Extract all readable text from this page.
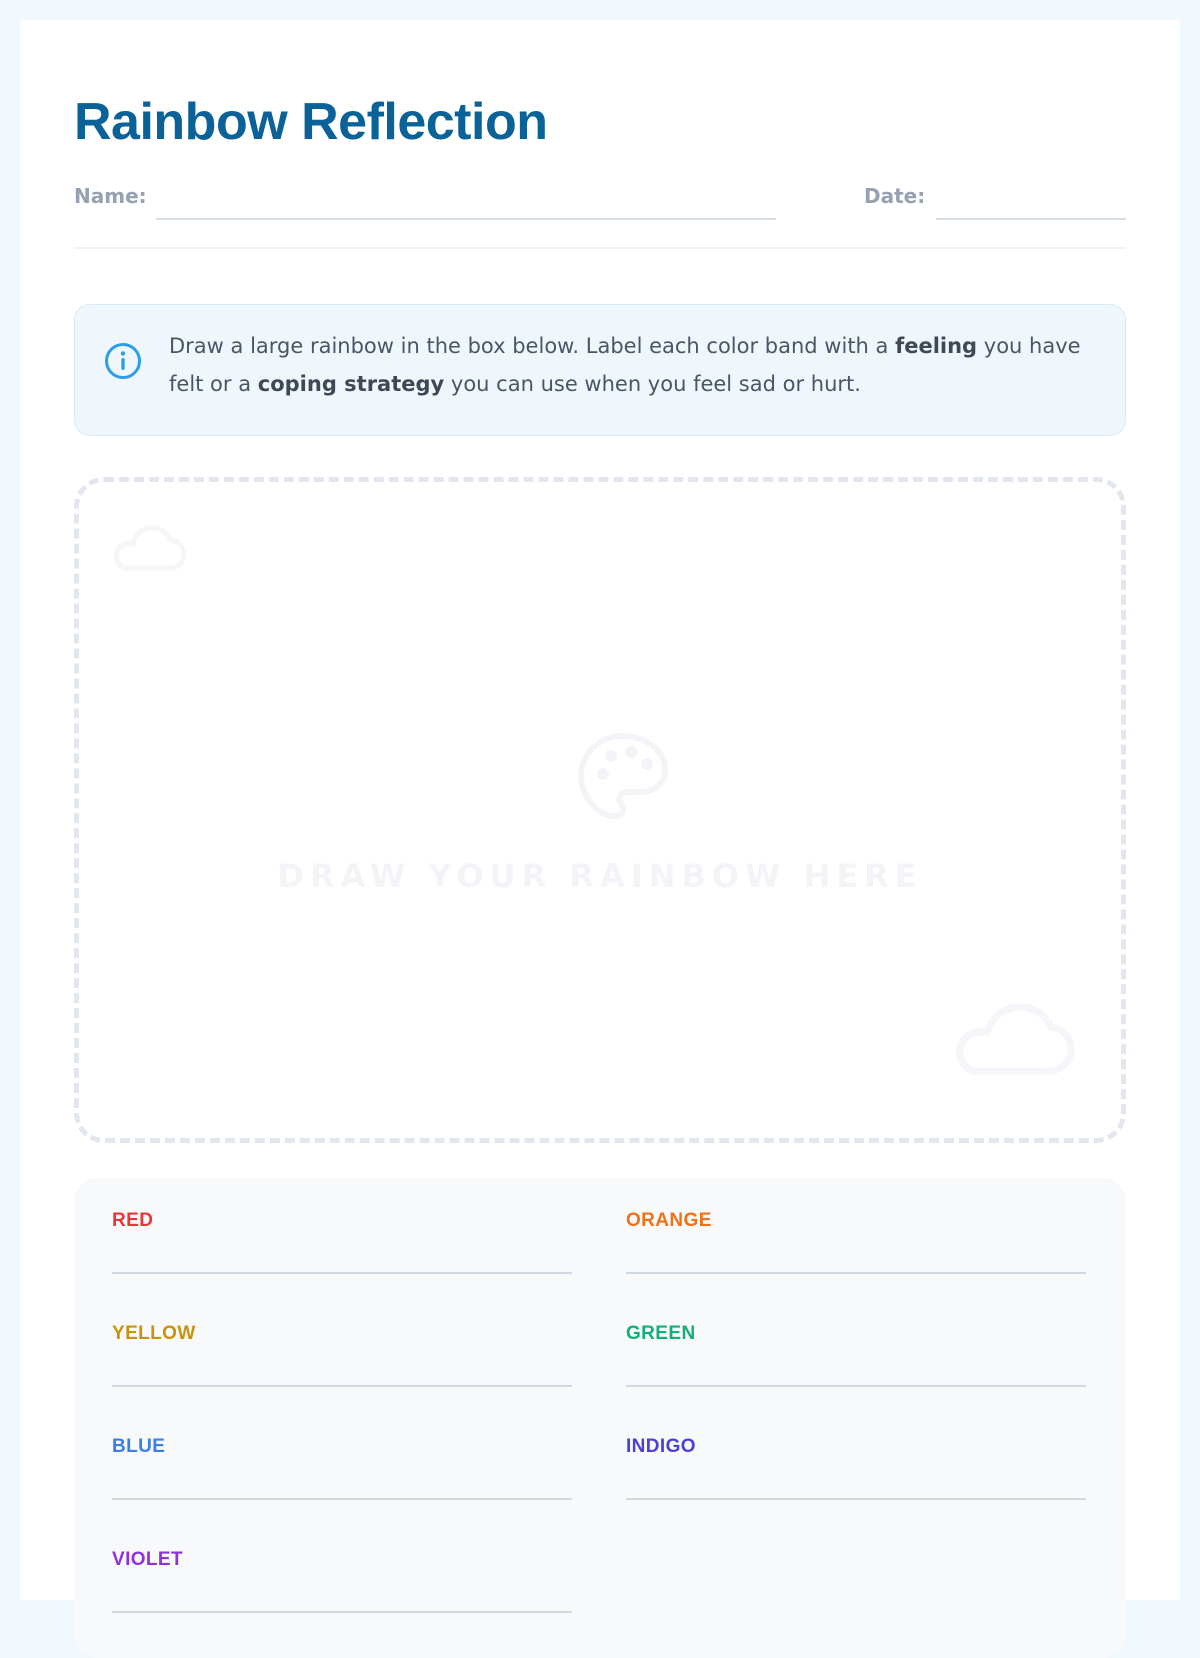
Rainbow Reflection
Name:	Date:

Draw a large rainbow in the box below. Label each color band with a feeling you have felt or a coping strategy you can use when you feel sad or hurt.

DRAW YOUR RAINBOW HERE
RED	ORANGE
YELLOW	GREEN
BLUE	INDIGO
VIOLET
